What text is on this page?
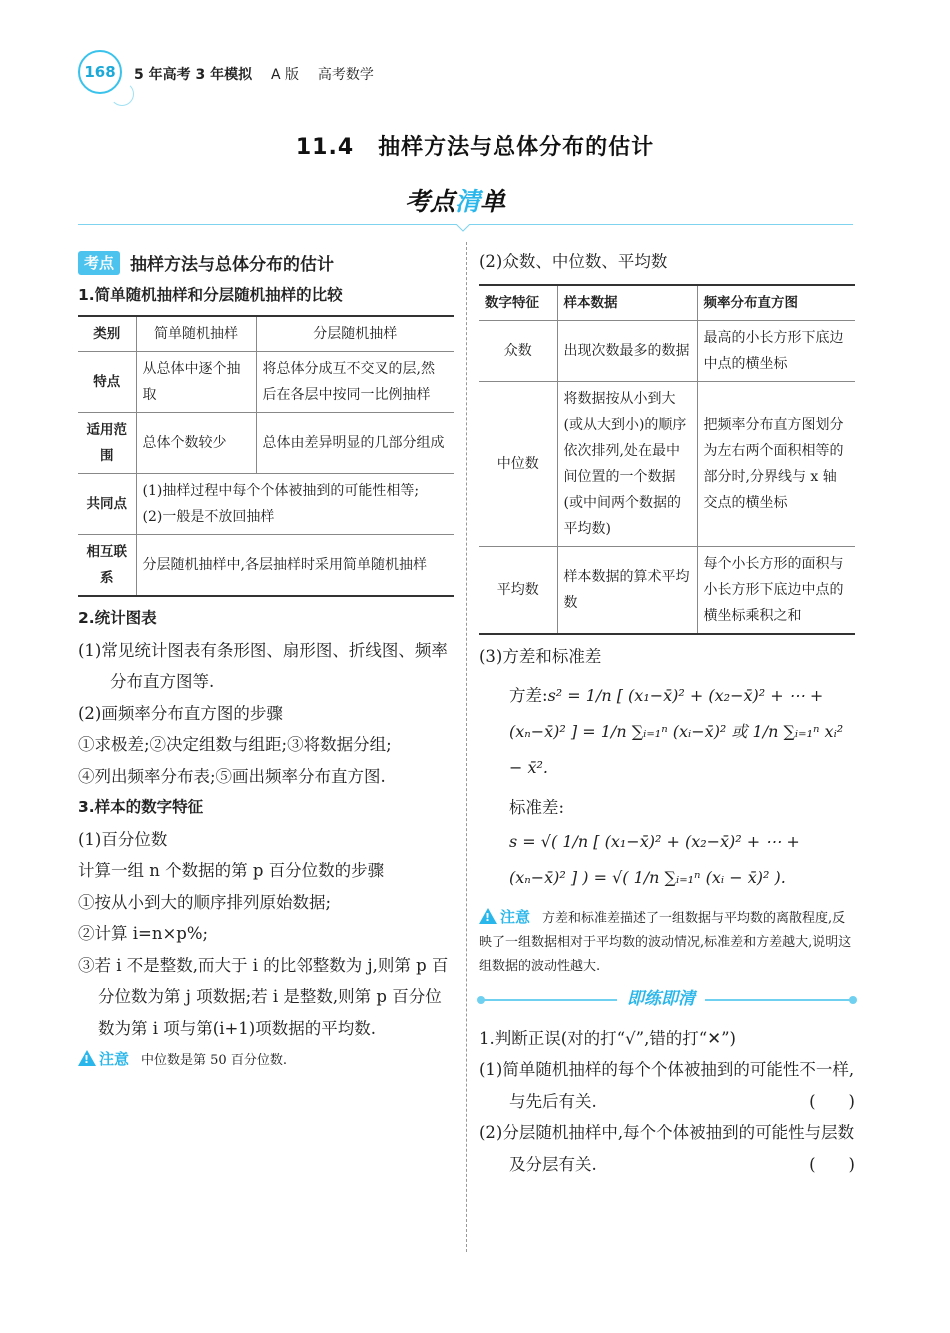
168	5 年高考 3 年模拟 A 版 高考数学
11.4 抽样方法与总体分布的估计
考点清单
考点 抽样方法与总体分布的估计
1.简单随机抽样和分层随机抽样的比较
类别	简单随机抽样	分层随机抽样
特点	从总体中逐个抽取	将总体分成互不交叉的层,然后在各层中按同一比例抽样
适用范围	总体个数较少	总体由差异明显的几部分组成
共同点	(1)抽样过程中每个个体被抽到的可能性相等;
(2)一般是不放回抽样	

相互联系	分层随机抽样中,各层抽样时采用简单随机抽样	
2.统计图表
(1)常见统计图表有条形图、扇形图、折线图、频率分布直方图等.
(2)画频率分布直方图的步骤
①求极差;②决定组数与组距;③将数据分组;
④列出频率分布表;⑤画出频率分布直方图.
3.样本的数字特征
(1)百分位数
计算一组 n 个数据的第 p 百分位数的步骤
①按从小到大的顺序排列原始数据;
②计算 i=n×p%;
③若 i 不是整数,而大于 i 的比邻整数为 j,则第 p 百分位数为第 j 项数据;若 i 是整数,则第 p 百分位数为第 i 项与第(i+1)项数据的平均数.
!注意 中位数是第 50 百分位数.
(2)众数、中位数、平均数
数字特征	样本数据	频率分布直方图
众数	出现次数最多的数据	最高的小长方形下底边中点的横坐标
中位数	将数据按从小到大(或从大到小)的顺序依次排列,处在最中间位置的一个数据(或中间两个数据的平均数)	把频率分布直方图划分为左右两个面积相等的部分时,分界线与 x 轴交点的横坐标
平均数	样本数据的算术平均数	每个小长方形的面积与小长方形下底边中点的横坐标乘积之和
(3)方差和标准差
方差:s² = 1/n [ (x₁−x̄)² + (x₂−x̄)² + ⋯ + (xₙ−x̄)² ] = 1/n ∑ᵢ₌₁ⁿ (xᵢ−x̄)² 或 1/n ∑ᵢ₌₁ⁿ xᵢ² − x̄².
标准差:
s = √( 1/n [ (x₁−x̄)² + (x₂−x̄)² + ⋯ + (xₙ−x̄)² ] ) = √( 1/n ∑ᵢ₌₁ⁿ (xᵢ − x̄)² ).
!注意 方差和标准差描述了一组数据与平均数的离散程度,反映了一组数据相对于平均数的波动情况,标准差和方差越大,说明这组数据的波动性越大.
即练即清
1.判断正误(对的打“√”,错的打“✕”)
(1)简单随机抽样的每个个体被抽到的可能性不一样,与先后有关.	(　　)
(2)分层随机抽样中,每个个体被抽到的可能性与层数及分层有关.	(　　)
